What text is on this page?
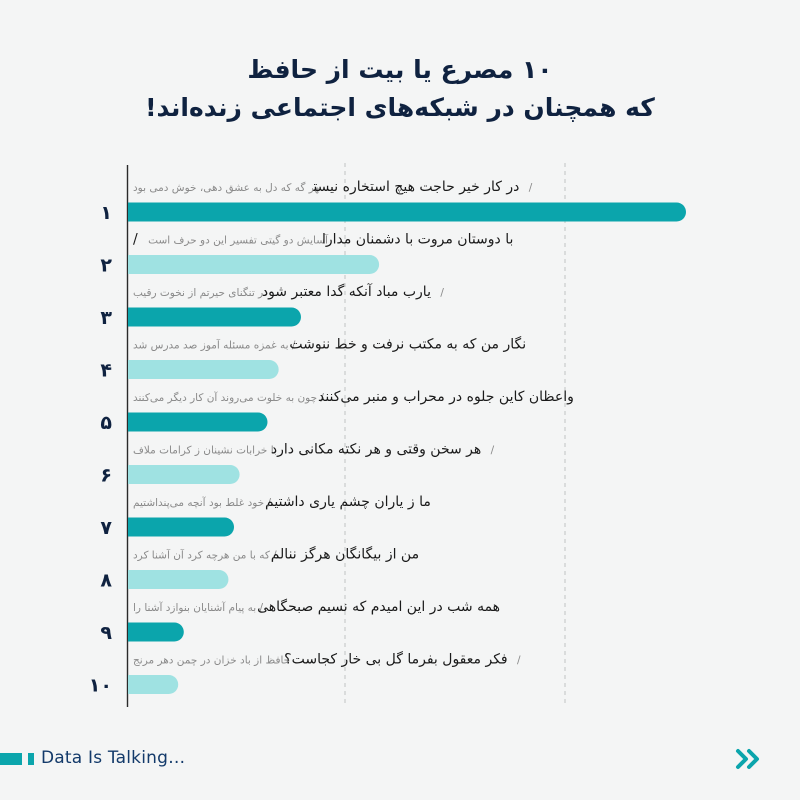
۱۰ مصرع یا بیت از حافظ
که همچنان در شبکه‌های اجتماعی زنده‌اند!
۱
در کار خیر حاجت هیچ استخاره نیستهر گه که دل به عشق دهی، خوش دمی بود /
۲
/ با دوستان مروت با دشمنان مداراآسایش دو گیتی تفسیر این دو حرف است
۳
یارب مباد آنکه گدا معتبر شوددر تنگنای حیرتم از نخوت رقیب /
۴
نگار من که به مکتب نرفت و خط ننوشت/ به غمزه مسئله آموز صد مدرس شد
۵
واعظان کاین جلوه در محراب و منبر می‌کنند/ چون به خلوت می‌روند آن کار دیگر می‌کنند
۶
هر سخن وقتی و هر نکته مکانی داردبا خرابات نشینان ز کرامات ملاف /
۷
ما ز یاران چشم یاری داشتیم/ خود غلط بود آنچه می‌پنداشتیم
۸
من از بیگانگان هرگز ننالم/ که با من هرچه کرد آن آشنا کرد
۹
همه شب در این امیدم که نسیم صبحگاهی/ به پیام آشنایان بنوازد آشنا را
۱۰
فکر معقول بفرما گل بی خار کجاست؟حافظ از باد خزان در چمن دهر مرنج /
Data Is Talking…
